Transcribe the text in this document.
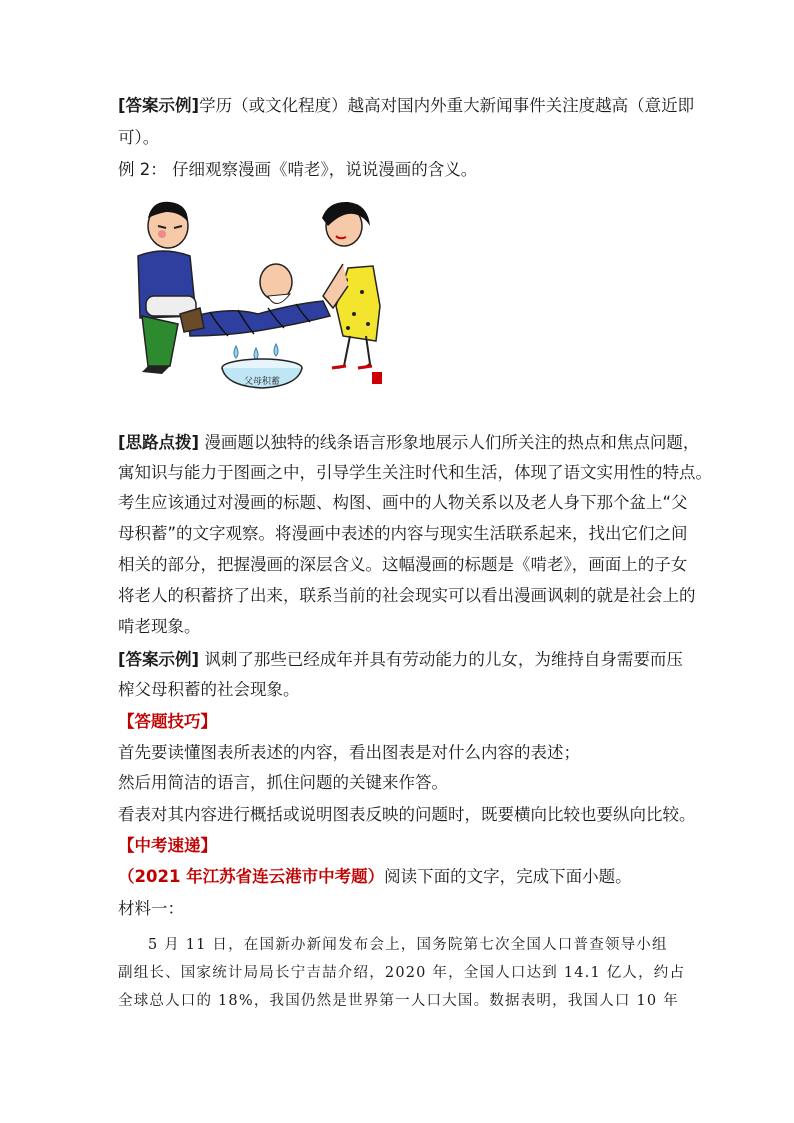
[答案示例]学历（或文化程度）越高对国内外重大新闻事件关注度越高（意近即
可）。
例 2： 仔细观察漫画《啃老》，说说漫画的含义。
父母积蓄
[思路点拨] 漫画题以独特的线条语言形象地展示人们所关注的热点和焦点问题，
寓知识与能力于图画之中，引导学生关注时代和生活，体现了语文实用性的特点。
考生应该通过对漫画的标题、构图、画中的人物关系以及老人身下那个盆上“父
母积蓄”的文字观察。将漫画中表述的内容与现实生活联系起来，找出它们之间
相关的部分，把握漫画的深层含义。这幅漫画的标题是《啃老》，画面上的子女
将老人的积蓄挤了出来，联系当前的社会现实可以看出漫画讽刺的就是社会上的
啃老现象。
[答案示例] 讽刺了那些已经成年并具有劳动能力的儿女，为维持自身需要而压
榨父母积蓄的社会现象。
【答题技巧】
首先要读懂图表所表述的内容，看出图表是对什么内容的表述；
然后用简洁的语言，抓住问题的关键来作答。
看表对其内容进行概括或说明图表反映的问题时，既要横向比较也要纵向比较。
【中考速递】
（2021 年江苏省连云港市中考题）阅读下面的文字，完成下面小题。
材料一：
5 月 11 日，在国新办新闻发布会上，国务院第七次全国人口普查领导小组
副组长、国家统计局局长宁吉喆介绍，2020 年，全国人口达到 14.1 亿人，约占
全球总人口的 18%，我国仍然是世界第一人口大国。数据表明，我国人口 10 年
